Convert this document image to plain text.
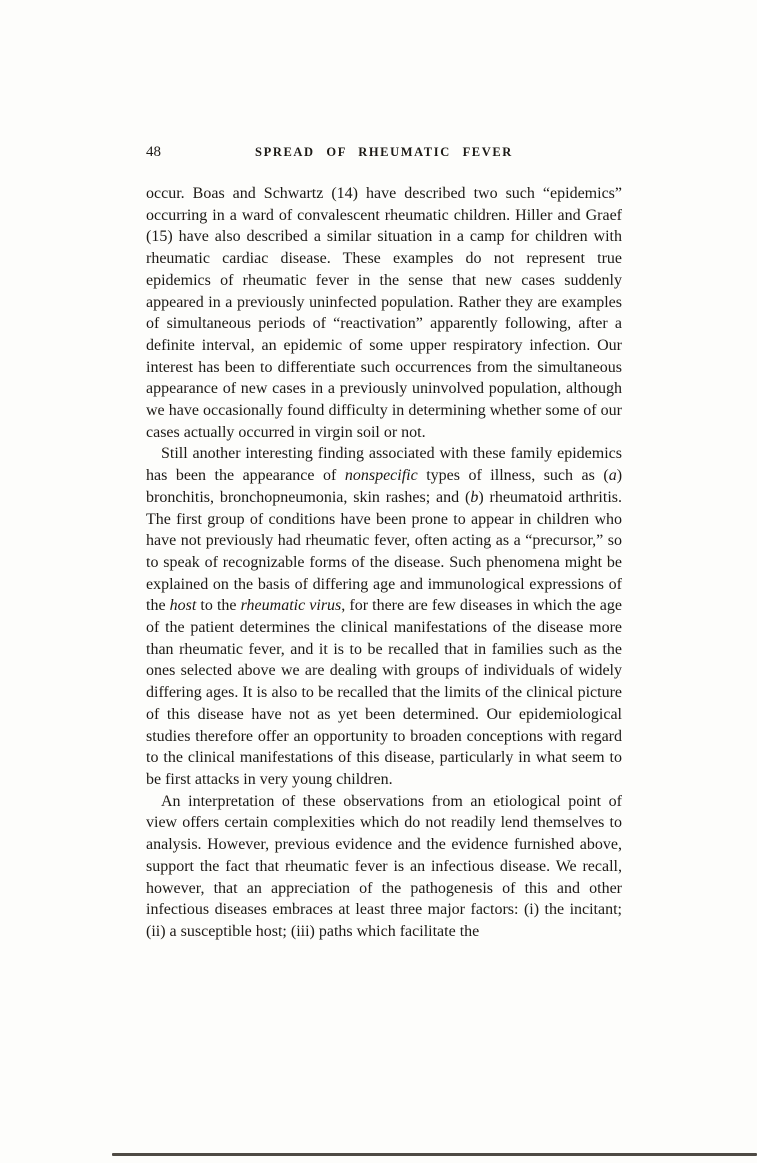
48	SPREAD OF RHEUMATIC FEVER

occur. Boas and Schwartz (14) have described two such “epidemics” occurring in a ward of convalescent rheumatic children. Hiller and Graef (15) have also described a similar situation in a camp for children with rheumatic cardiac disease. These examples do not represent true epidemics of rheumatic fever in the sense that new cases suddenly appeared in a previously uninfected population. Rather they are examples of simultaneous periods of “reactivation” apparently following, after a definite interval, an epidemic of some upper respiratory infection. Our interest has been to differentiate such occurrences from the simultaneous appearance of new cases in a previously uninvolved population, although we have occasionally found difficulty in determining whether some of our cases actually occurred in virgin soil or not.

Still another interesting finding associated with these family epidemics has been the appearance of nonspecific types of illness, such as (a) bronchitis, bronchopneumonia, skin rashes; and (b) rheumatoid arthritis. The first group of conditions have been prone to appear in children who have not previously had rheumatic fever, often acting as a “precursor,” so to speak of recognizable forms of the disease. Such phenomena might be explained on the basis of differing age and immunological expressions of the host to the rheumatic virus, for there are few diseases in which the age of the patient determines the clinical manifestations of the disease more than rheumatic fever, and it is to be recalled that in families such as the ones selected above we are dealing with groups of individuals of widely differing ages. It is also to be recalled that the limits of the clinical picture of this disease have not as yet been determined. Our epidemiological studies therefore offer an opportunity to broaden conceptions with regard to the clinical manifestations of this disease, particularly in what seem to be first attacks in very young children.

An interpretation of these observations from an etiological point of view offers certain complexities which do not readily lend themselves to analysis. However, previous evidence and the evidence furnished above, support the fact that rheumatic fever is an infectious disease. We recall, however, that an appreciation of the pathogenesis of this and other infectious diseases embraces at least three major factors: (i) the incitant; (ii) a susceptible host; (iii) paths which facilitate the
